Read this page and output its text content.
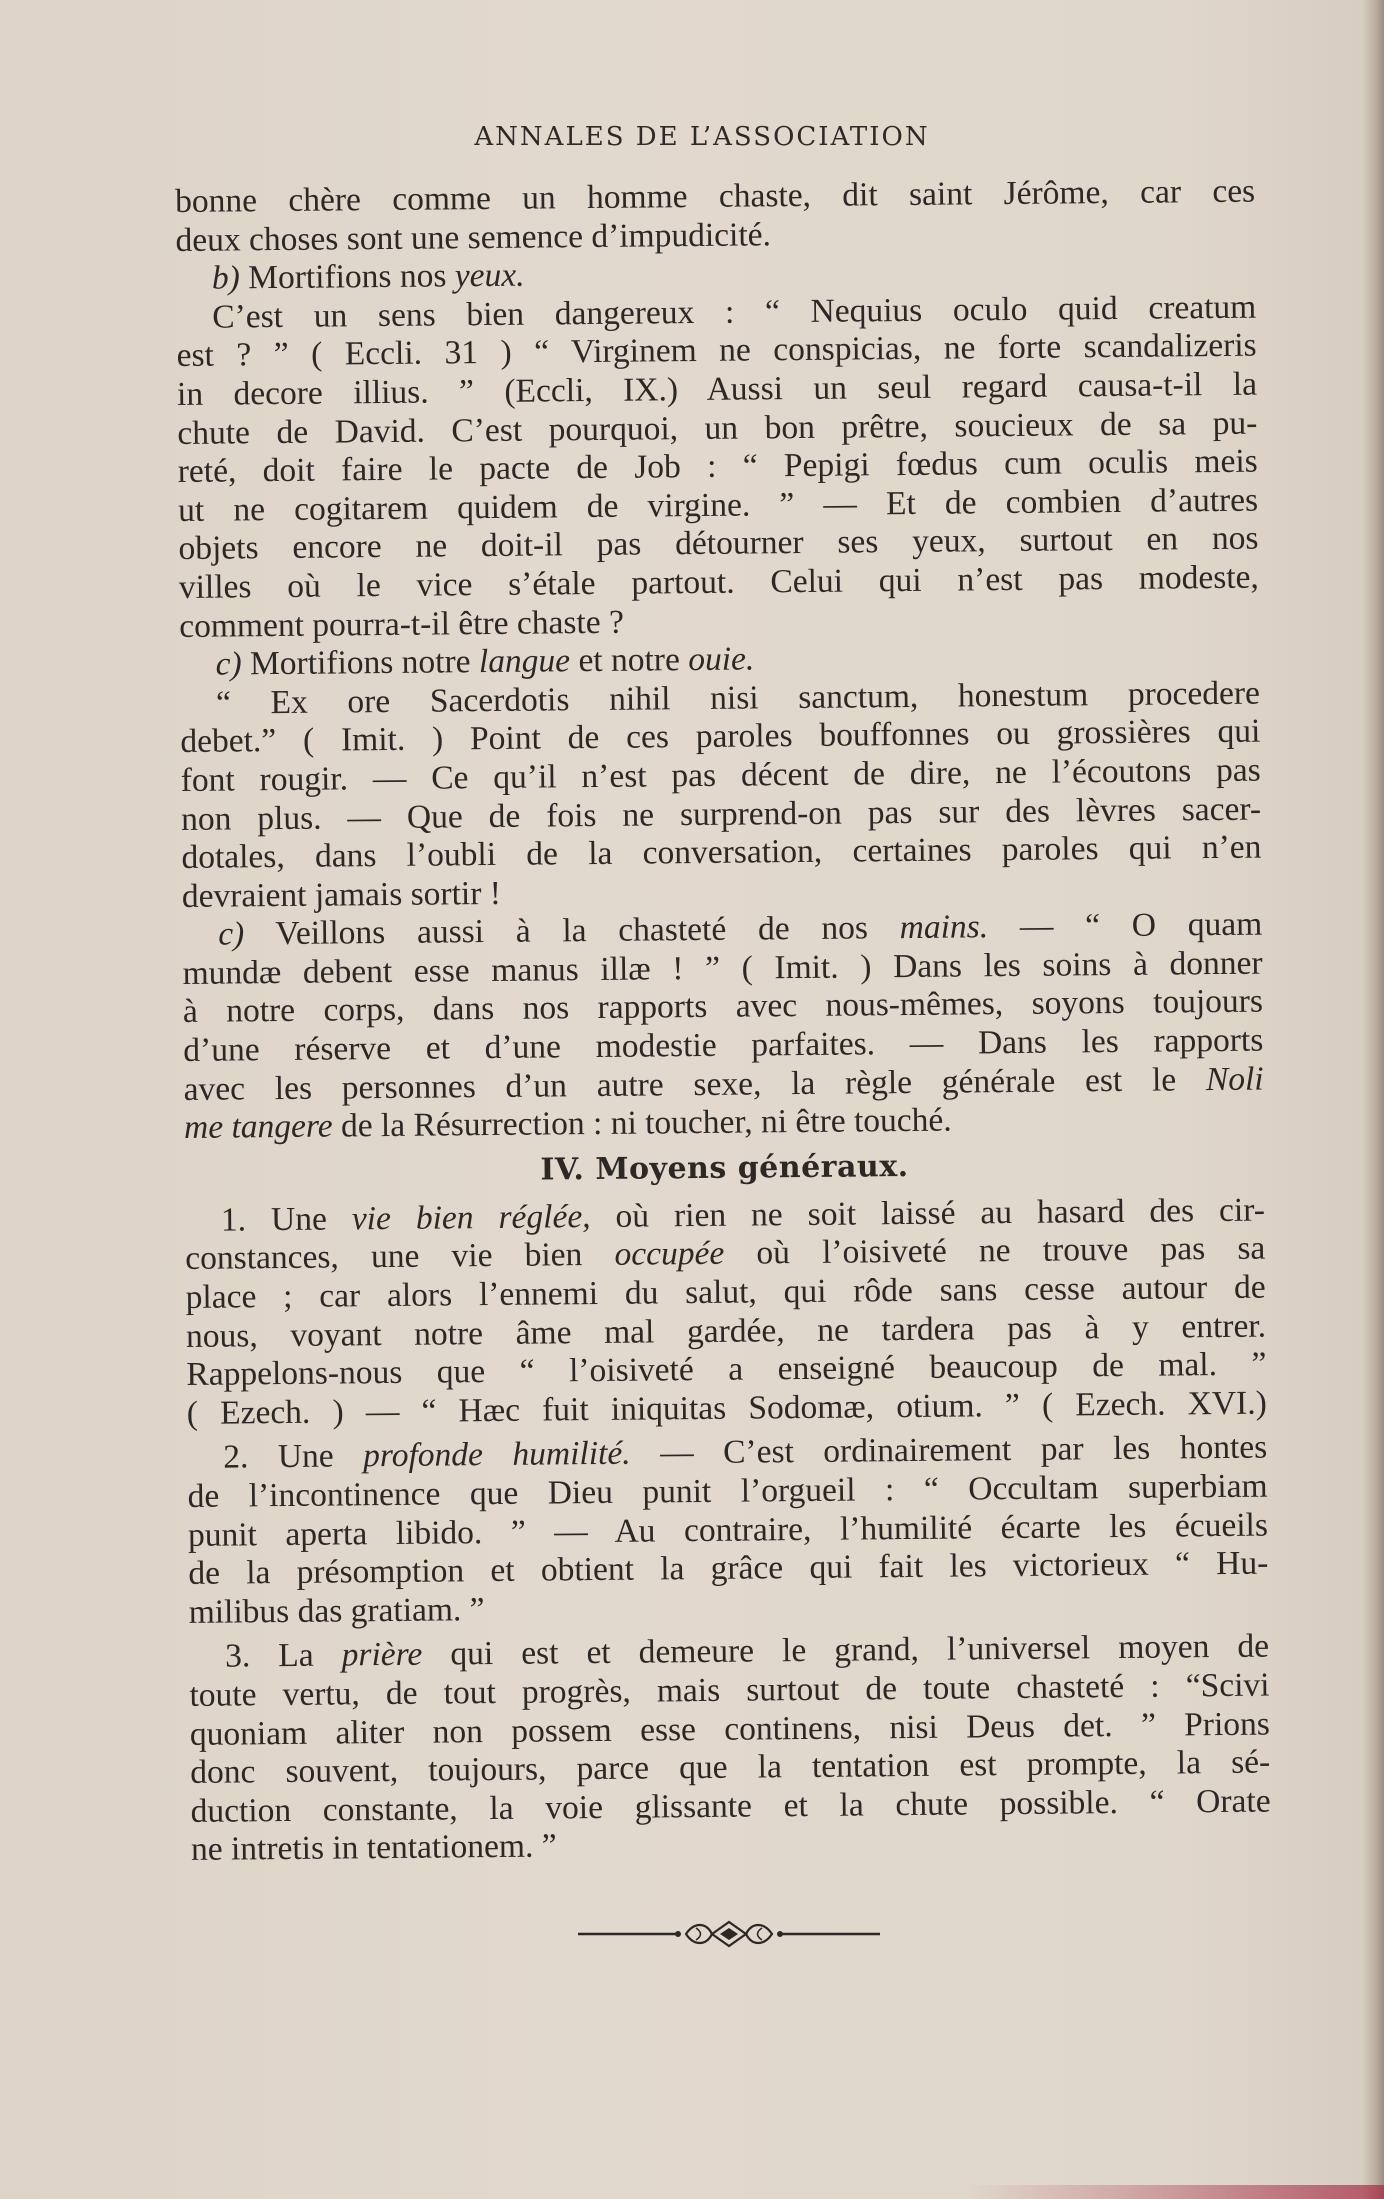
ANNALES DE L’ASSOCIATION
bonne chère comme un homme chaste, dit saint Jérôme, car ces
deux choses sont une semence d’impudicité.
b) Mortifions nos yeux.
C’est un sens bien dangereux : “ Nequius oculo quid creatum
est ? ” ( Eccli. 31 ) “ Virginem ne conspicias, ne forte scandalizeris
in decore illius. ” (Eccli, IX.) Aussi un seul regard causa-t-il la
chute de David. C’est pourquoi, un bon prêtre, soucieux de sa pu-
reté, doit faire le pacte de Job : “ Pepigi fœdus cum oculis meis
ut ne cogitarem quidem de virgine. ” — Et de combien d’autres
objets encore ne doit-il pas détourner ses yeux, surtout en nos
villes où le vice s’étale partout. Celui qui n’est pas modeste,
comment pourra-t-il être chaste ?
c) Mortifions notre langue et notre ouie.
“ Ex ore Sacerdotis nihil nisi sanctum, honestum procedere
debet.” ( Imit. ) Point de ces paroles bouffonnes ou grossières qui
font rougir. — Ce qu’il n’est pas décent de dire, ne l’écoutons pas
non plus. — Que de fois ne surprend-on pas sur des lèvres sacer-
dotales, dans l’oubli de la conversation, certaines paroles qui n’en
devraient jamais sortir !
c) Veillons aussi à la chasteté de nos mains. — “ O quam
mundæ debent esse manus illæ ! ” ( Imit. ) Dans les soins à donner
à notre corps, dans nos rapports avec nous-mêmes, soyons toujours
d’une réserve et d’une modestie parfaites. — Dans les rapports
avec les personnes d’un autre sexe, la règle générale est le Noli
me tangere de la Résurrection : ni toucher, ni être touché.
IV. Moyens généraux.
1. Une vie bien réglée, où rien ne soit laissé au hasard des cir-
constances, une vie bien occupée où l’oisiveté ne trouve pas sa
place ; car alors l’ennemi du salut, qui rôde sans cesse autour de
nous, voyant notre âme mal gardée, ne tardera pas à y entrer.
Rappelons-nous que “ l’oisiveté a enseigné beaucoup de mal. ”
( Ezech. ) — “ Hæc fuit iniquitas Sodomæ, otium. ” ( Ezech. XVI.)
2. Une profonde humilité. — C’est ordinairement par les hontes
de l’incontinence que Dieu punit l’orgueil : “ Occultam superbiam
punit aperta libido. ” — Au contraire, l’humilité écarte les écueils
de la présomption et obtient la grâce qui fait les victorieux “ Hu-
milibus das gratiam. ”
3. La prière qui est et demeure le grand, l’universel moyen de
toute vertu, de tout progrès, mais surtout de toute chasteté : “Scivi
quoniam aliter non possem esse continens, nisi Deus det. ” Prions
donc souvent, toujours, parce que la tentation est prompte, la sé-
duction constante, la voie glissante et la chute possible. “ Orate
ne intretis in tentationem. ”
